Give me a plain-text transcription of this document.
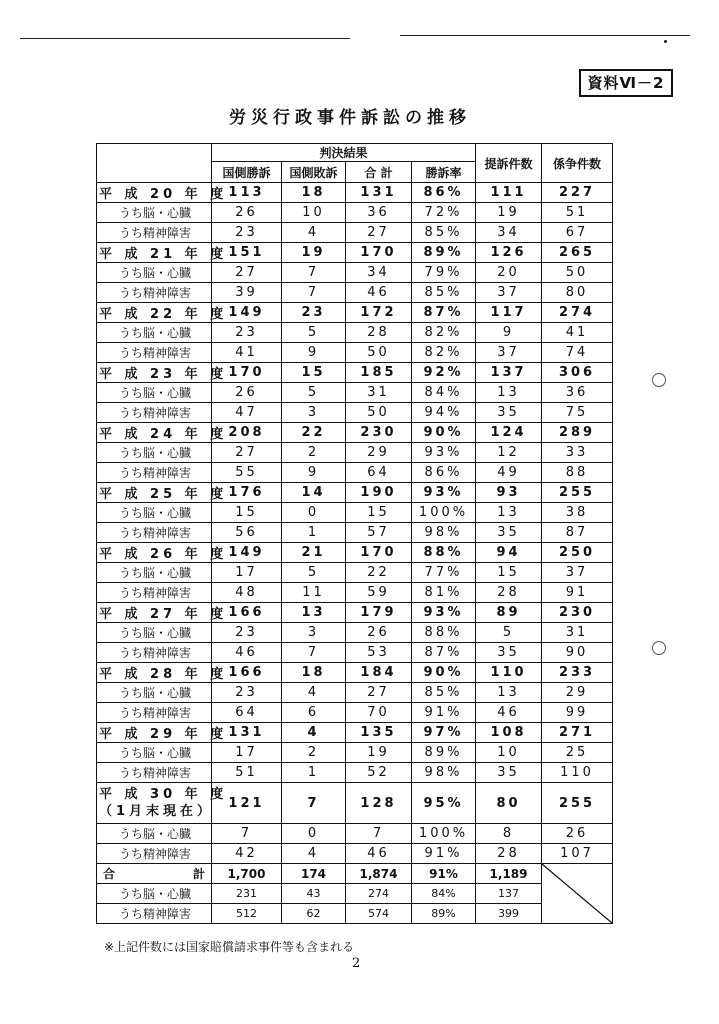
資料Ⅵ－2
労災行政事件訴訟の推移
	判決結果				提訴件数	係争件数
	国側勝訴	国側敗訴	合 計	勝訴率		
平 成 20 年 度	113	18	131	86%	111	227
うち脳・心臓	26	10	36	72%	19	51
うち精神障害	23	4	27	85%	34	67
平 成 21 年 度	151	19	170	89%	126	265
うち脳・心臓	27	7	34	79%	20	50
うち精神障害	39	7	46	85%	37	80
平 成 22 年 度	149	23	172	87%	117	274
うち脳・心臓	23	5	28	82%	9	41
うち精神障害	41	9	50	82%	37	74
平 成 23 年 度	170	15	185	92%	137	306
うち脳・心臓	26	5	31	84%	13	36
うち精神障害	47	3	50	94%	35	75
平 成 24 年 度	208	22	230	90%	124	289
うち脳・心臓	27	2	29	93%	12	33
うち精神障害	55	9	64	86%	49	88
平 成 25 年 度	176	14	190	93%	93	255
うち脳・心臓	15	0	15	100%	13	38
うち精神障害	56	1	57	98%	35	87
平 成 26 年 度	149	21	170	88%	94	250
うち脳・心臓	17	5	22	77%	15	37
うち精神障害	48	11	59	81%	28	91
平 成 27 年 度	166	13	179	93%	89	230
うち脳・心臓	23	3	26	88%	5	31
うち精神障害	46	7	53	87%	35	90
平 成 28 年 度	166	18	184	90%	110	233
うち脳・心臓	23	4	27	85%	13	29
うち精神障害	64	6	70	91%	46	99
平 成 29 年 度	131	4	135	97%	108	271
うち脳・心臓	17	2	19	89%	10	25
うち精神障害	51	1	52	98%	35	110

平 成 30 年 度
（1月末現在）	121	7	128	95%	80	255
うち脳・心臓	7	0	7	100%	8	26
うち精神障害	42	4	46	91%	28	107

合 計	1,700	174	1,874	91%	1,189	

うち脳・心臓	231	43	274	84%	137	
うち精神障害	512	62	574	89%	399	
※上記件数には国家賠償請求事件等も含まれる
2
